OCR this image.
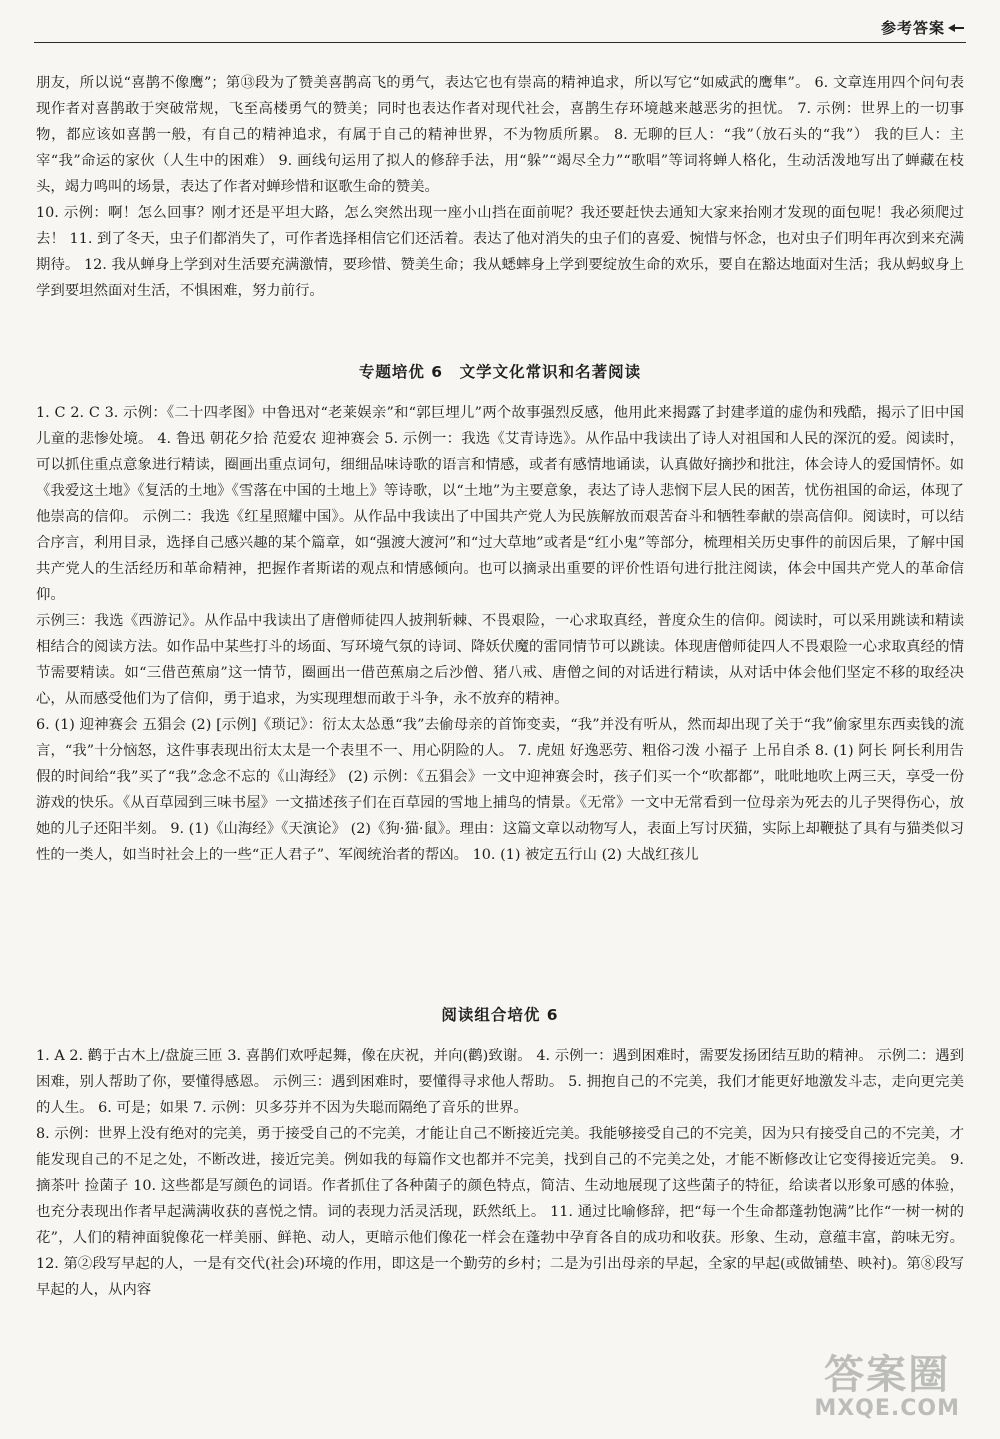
参考答案

朋友，所以说“喜鹊不像鹰”；第⑬段为了赞美喜鹊高飞的勇气，表达它也有崇高的精神追求，所以写它“如威武的鹰隼”。 6. 文章连用四个问句表现作者对喜鹊敢于突破常规，飞至高楼勇气的赞美；同时也表达作者对现代社会，喜鹊生存环境越来越恶劣的担忧。 7. 示例：世界上的一切事物，都应该如喜鹊一般，有自己的精神追求，有属于自己的精神世界，不为物质所累。 8. 无聊的巨人：“我”（放石头的“我”） 我的巨人：主宰“我”命运的家伙（人生中的困难） 9. 画线句运用了拟人的修辞手法，用“躲”“竭尽全力”“歌唱”等词将蝉人格化，生动活泼地写出了蝉藏在枝头，竭力鸣叫的场景，表达了作者对蝉珍惜和讴歌生命的赞美。

10. 示例：啊！怎么回事？刚才还是平坦大路，怎么突然出现一座小山挡在面前呢？我还要赶快去通知大家来抬刚才发现的面包呢！我必须爬过去！ 11. 到了冬天，虫子们都消失了，可作者选择相信它们还活着。表达了他对消失的虫子们的喜爱、惋惜与怀念，也对虫子们明年再次到来充满期待。 12. 我从蝉身上学到对生活要充满激情，要珍惜、赞美生命；我从蟋蟀身上学到要绽放生命的欢乐，要自在豁达地面对生活；我从蚂蚁身上学到要坦然面对生活，不惧困难，努力前行。

专题培优 6　文学文化常识和名著阅读

1. C 2. C 3. 示例：《二十四孝图》中鲁迅对“老莱娱亲”和“郭巨埋儿”两个故事强烈反感，他用此来揭露了封建孝道的虚伪和残酷，揭示了旧中国儿童的悲惨处境。 4. 鲁迅 朝花夕拾 范爱农 迎神赛会 5. 示例一：我选《艾青诗选》。从作品中我读出了诗人对祖国和人民的深沉的爱。阅读时，可以抓住重点意象进行精读，圈画出重点词句，细细品味诗歌的语言和情感，或者有感情地诵读，认真做好摘抄和批注，体会诗人的爱国情怀。如《我爱这土地》《复活的土地》《雪落在中国的土地上》等诗歌，以“土地”为主要意象，表达了诗人悲悯下层人民的困苦，忧伤祖国的命运，体现了他崇高的信仰。 示例二：我选《红星照耀中国》。从作品中我读出了中国共产党人为民族解放而艰苦奋斗和牺牲奉献的崇高信仰。阅读时，可以结合序言，利用目录，选择自己感兴趣的某个篇章，如“强渡大渡河”和“过大草地”或者是“红小鬼”等部分，梳理相关历史事件的前因后果，了解中国共产党人的生活经历和革命精神，把握作者斯诺的观点和情感倾向。也可以摘录出重要的评价性语句进行批注阅读，体会中国共产党人的革命信仰。

示例三：我选《西游记》。从作品中我读出了唐僧师徒四人披荆斩棘、不畏艰险，一心求取真经，普度众生的信仰。阅读时，可以采用跳读和精读相结合的阅读方法。如作品中某些打斗的场面、写环境气氛的诗词、降妖伏魔的雷同情节可以跳读。体现唐僧师徒四人不畏艰险一心求取真经的情节需要精读。如“三借芭蕉扇”这一情节，圈画出一借芭蕉扇之后沙僧、猪八戒、唐僧之间的对话进行精读，从对话中体会他们坚定不移的取经决心，从而感受他们为了信仰，勇于追求，为实现理想而敢于斗争，永不放弃的精神。

6. (1) 迎神赛会 五猖会 (2) [示例]《琐记》：衍太太怂恿“我”去偷母亲的首饰变卖，“我”并没有听从，然而却出现了关于“我”偷家里东西卖钱的流言，“我”十分恼怒，这件事表现出衍太太是一个表里不一、用心阴险的人。 7. 虎妞 好逸恶劳、粗俗刁泼 小福子 上吊自杀 8. (1) 阿长 阿长利用告假的时间给“我”买了“我”念念不忘的《山海经》 (2) 示例：《五猖会》一文中迎神赛会时，孩子们买一个“吹都都”，吡吡地吹上两三天，享受一份游戏的快乐。《从百草园到三味书屋》一文描述孩子们在百草园的雪地上捕鸟的情景。《无常》一文中无常看到一位母亲为死去的儿子哭得伤心，放她的儿子还阳半刻。 9. (1)《山海经》《天演论》 (2)《狗·猫·鼠》。理由：这篇文章以动物写人，表面上写讨厌猫，实际上却鞭挞了具有与猫类似习性的一类人，如当时社会上的一些“正人君子”、军阀统治者的帮凶。 10. (1) 被定五行山 (2) 大战红孩儿

阅读组合培优 6

1. A 2. 鹳于古木上/盘旋三匝 3. 喜鹊们欢呼起舞，像在庆祝，并向(鹳)致谢。 4. 示例一：遇到困难时，需要发扬团结互助的精神。 示例二：遇到困难，别人帮助了你，要懂得感恩。 示例三：遇到困难时，要懂得寻求他人帮助。 5. 拥抱自己的不完美，我们才能更好地激发斗志，走向更完美的人生。 6. 可是；如果 7. 示例：贝多芬并不因为失聪而隔绝了音乐的世界。

8. 示例：世界上没有绝对的完美，勇于接受自己的不完美，才能让自己不断接近完美。我能够接受自己的不完美，因为只有接受自己的不完美，才能发现自己的不足之处，不断改进，接近完美。例如我的每篇作文也都并不完美，找到自己的不完美之处，才能不断修改让它变得接近完美。 9. 摘茶叶 捡菌子 10. 这些都是写颜色的词语。作者抓住了各种菌子的颜色特点，简洁、生动地展现了这些菌子的特征，给读者以形象可感的体验，也充分表现出作者早起满满收获的喜悦之情。词的表现力活灵活现，跃然纸上。 11. 通过比喻修辞，把“每一个生命都蓬勃饱满”比作“一树一树的花”，人们的精神面貌像花一样美丽、鲜艳、动人，更暗示他们像花一样会在蓬勃中孕育各自的成功和收获。形象、生动，意蕴丰富，韵味无穷。 12. 第②段写早起的人，一是有交代(社会)环境的作用，即这是一个勤劳的乡村；二是为引出母亲的早起，全家的早起(或做铺垫、映衬)。第⑧段写早起的人，从内容

答案圈
MXQE.COM
